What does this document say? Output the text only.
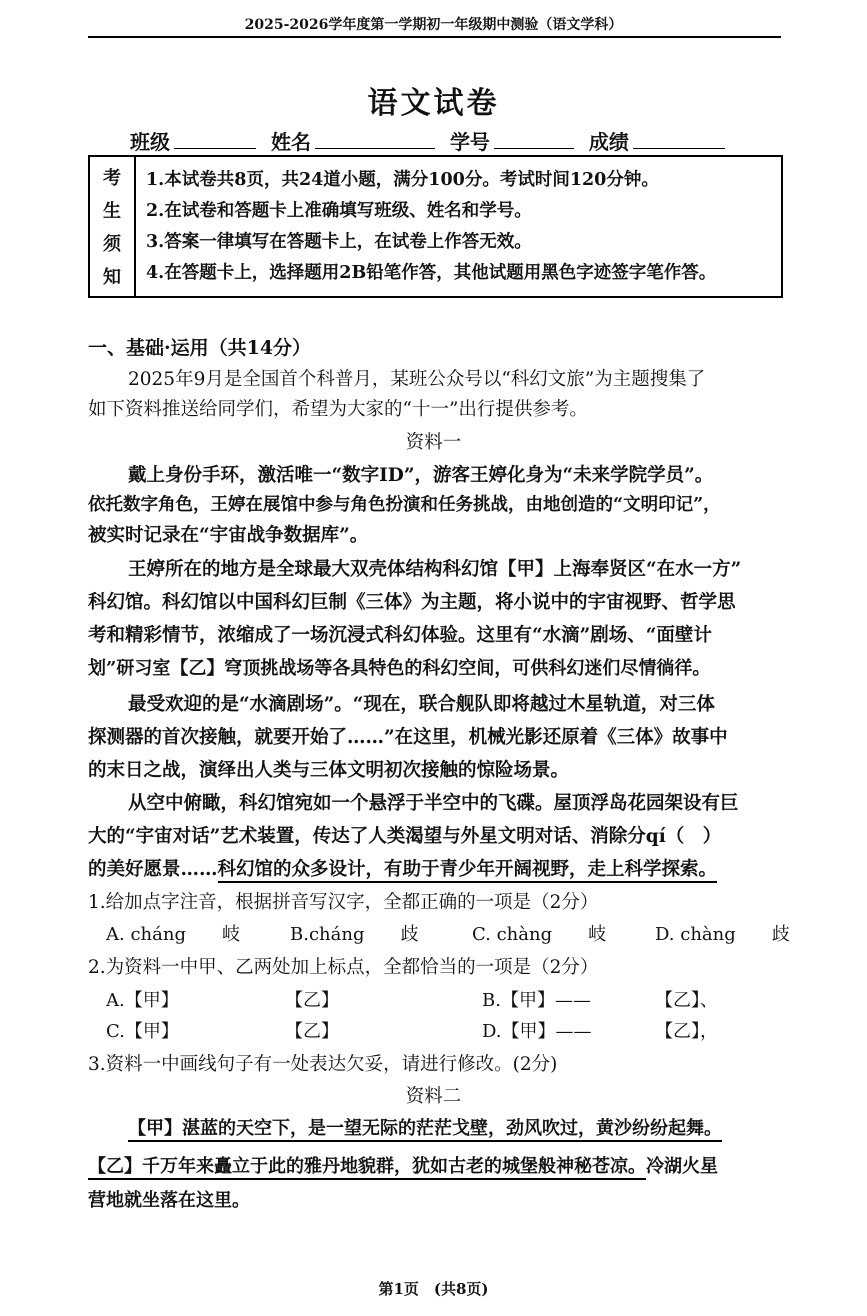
2025-2026学年度第一学期初一年级期中测验（语文学科）
语文试卷
班级	姓名	学号	成绩
考
生
须
知
1.本试卷共8页，共24道小题，满分100分。考试时间120分钟。
2.在试卷和答题卡上准确填写班级、姓名和学号。
3.答案一律填写在答题卡上，在试卷上作答无效。
4.在答题卡上，选择题用2B铅笔作答，其他试题用黑色字迹签字笔作答。
一、基础·运用（共14分）
2025年9月是全国首个科普月，某班公众号以“科幻文旅”为主题搜集了
如下资料推送给同学们，希望为大家的“十一”出行提供参考。
资料一
戴上身份手环，激活唯一“数字ID”，游客王婷化身为“未来学院学员”。
依托数字角色，王婷在展馆中参与角色扮演和任务挑战，由地创造的“文明印记”，
被实时记录在“宇宙战争数据库”。
王婷所在的地方是全球最大双壳体结构科幻馆【甲】上海奉贤区“在水一方”
科幻馆。科幻馆以中国科幻巨制《三体》为主题，将小说中的宇宙视野、哲学思
考和精彩情节，浓缩成了一场沉浸式科幻体验。这里有“水滴”剧场、“面壁计
划”研习室【乙】穹顶挑战场等各具特色的科幻空间，可供科幻迷们尽情徜徉。
最受欢迎的是“水滴剧场”。“现在，联合舰队即将越过木星轨道，对三体
探测器的首次接触，就要开始了……”在这里，机械光影还原着《三体》故事中
的末日之战，演绎出人类与三体文明初次接触的惊险场景。
从空中俯瞰，科幻馆宛如一个悬浮于半空中的飞碟。屋顶浮岛花园架设有巨
大的“宇宙对话”艺术装置，传达了人类渴望与外星文明对话、消除分qí（　）
的美好愿景……科幻馆的众多设计，有助于青少年开阔视野，走上科学探索。
1.给加点字注音，根据拼音写汉字，全都正确的一项是（2分）
A. cháng　　岐	B.cháng　　歧	C. chàng　　岐	D. chàng　　歧
2.为资料一中甲、乙两处加上标点，全都恰当的一项是（2分）
A.【甲】	【乙】	B.【甲】——	【乙】、
C.【甲】	【乙】	D.【甲】——	【乙】，
3.资料一中画线句子有一处表达欠妥，请进行修改。(2分)
资料二
【甲】湛蓝的天空下，是一望无际的茫茫戈壁，劲风吹过，黄沙纷纷起舞。
【乙】千万年来矗立于此的雅丹地貌群，犹如古老的城堡般神秘苍凉。冷湖火星
营地就坐落在这里。
第1页　(共8页)
